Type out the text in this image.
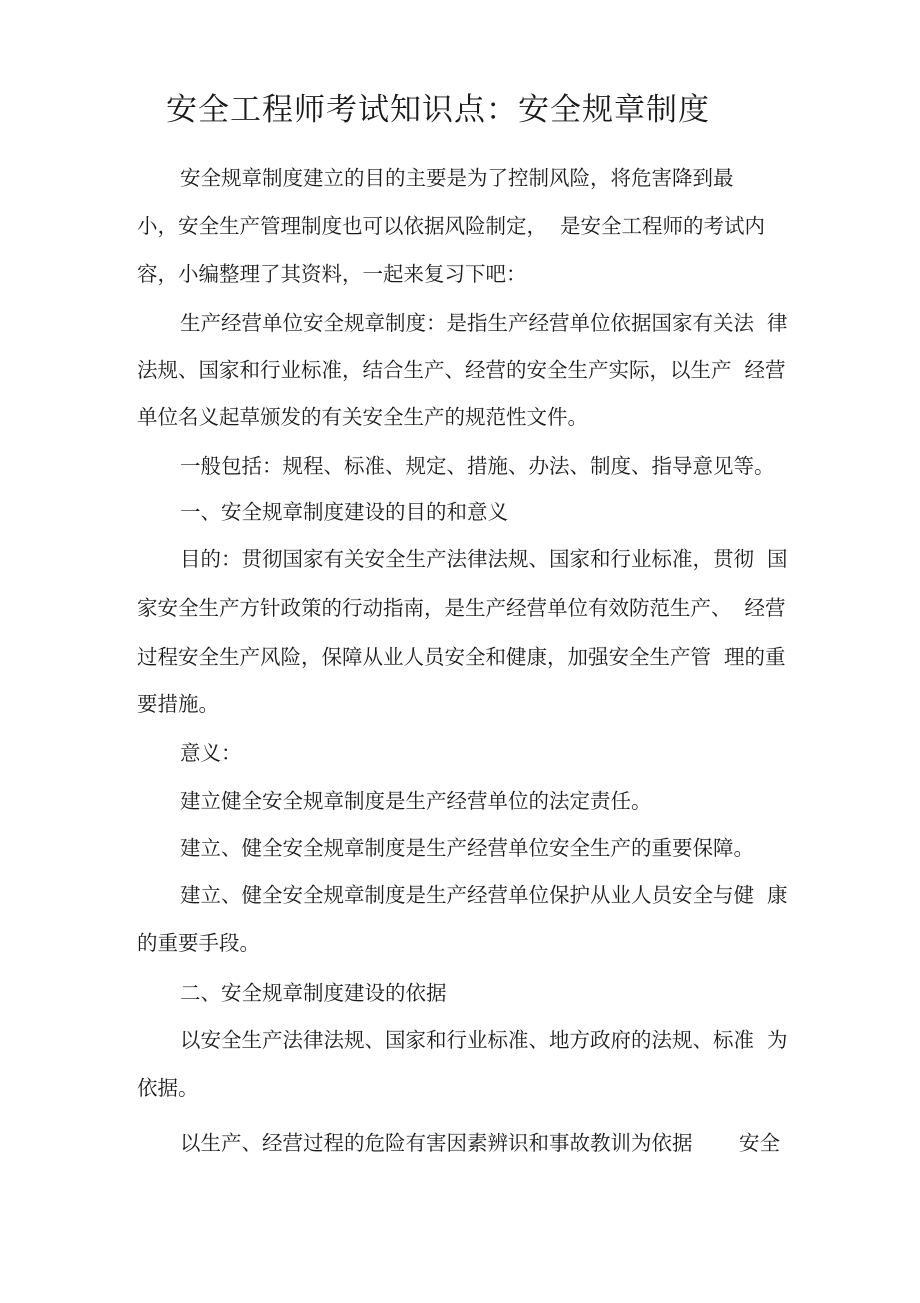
安全工程师考试知识点：安全规章制度
安全规章制度建立的目的主要是为了控制风险，将危害降到最
小，安全生产管理制度也可以依据风险制定，  是安全工程师的考试内
容，小编整理了其资料，一起来复习下吧：
生产经营单位安全规章制度：是指生产经营单位依据国家有关法  律
法规、国家和行业标准，结合生产、经营的安全生产实际，以生产  经营
单位名义起草颁发的有关安全生产的规范性文件。
一般包括：规程、标准、规定、措施、办法、制度、指导意见等。
一、安全规章制度建设的目的和意义
目的：贯彻国家有关安全生产法律法规、国家和行业标准，贯彻  国
家安全生产方针政策的行动指南，是生产经营单位有效防范生产、  经营
过程安全生产风险，保障从业人员安全和健康，加强安全生产管  理的重
要措施。
意义：
建立健全安全规章制度是生产经营单位的法定责任。
建立、健全安全规章制度是生产经营单位安全生产的重要保障。
建立、健全安全规章制度是生产经营单位保护从业人员安全与健  康
的重要手段。
二、安全规章制度建设的依据
以安全生产法律法规、国家和行业标准、地方政府的法规、标准  为
依据。
以生产、经营过程的危险有害因素辨识和事故教训为依据 安全
